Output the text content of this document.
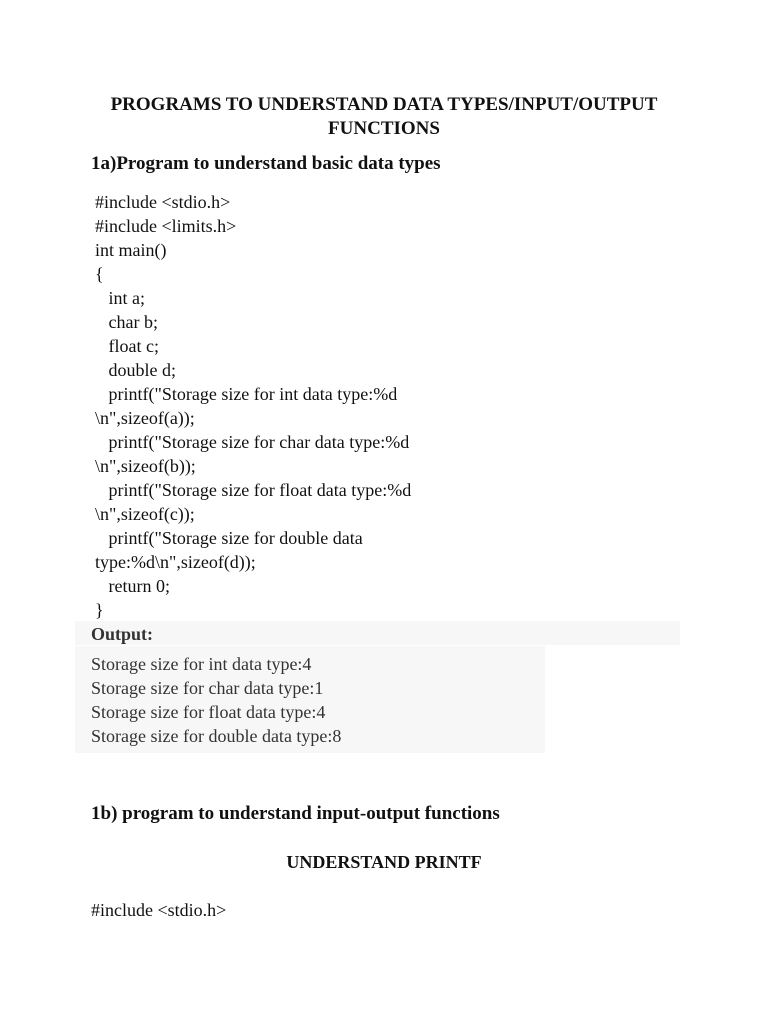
PROGRAMS TO UNDERSTAND DATA TYPES/INPUT/OUTPUT FUNCTIONS
1a)Program to understand basic data types
#include <stdio.h>
#include <limits.h>
int main()
{
int a;
char b;
float c;
double d;
printf("Storage size for int data type:%d
\n",sizeof(a));
printf("Storage size for char data type:%d
\n",sizeof(b));
printf("Storage size for float data type:%d
\n",sizeof(c));
printf("Storage size for double data
type:%d\n",sizeof(d));
return 0;
}
Output:
Storage size for int data type:4
Storage size for char data type:1
Storage size for float data type:4
Storage size for double data type:8
1b) program to understand input-output functions
UNDERSTAND PRINTF
#include <stdio.h>
